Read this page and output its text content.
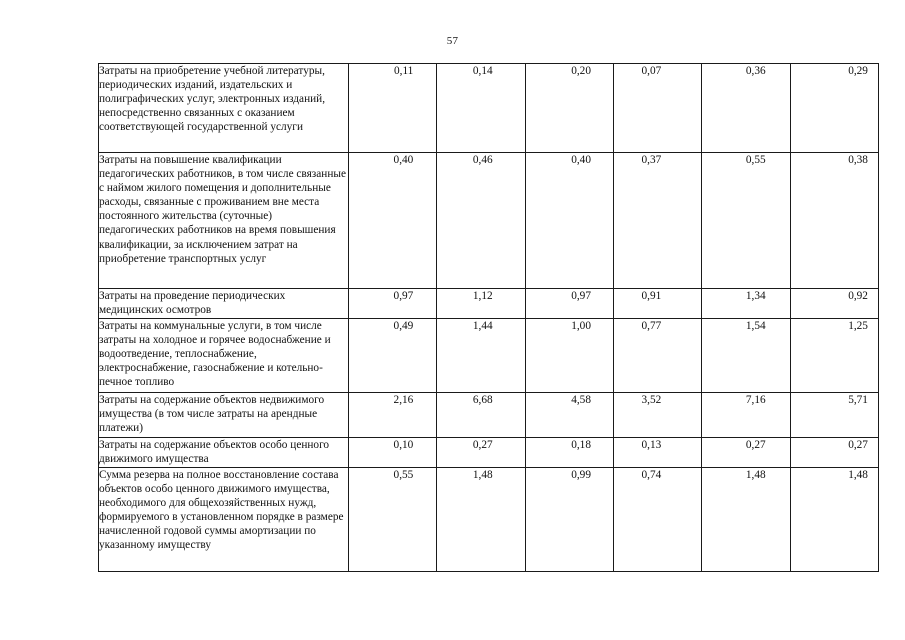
57
Затраты на приобретение учебной литературы, периодических изданий, издательских и полиграфических услуг, электронных изданий, непосредственно связанных с оказанием соответствующей государственной услуги	0,11	0,14	0,20	0,07	0,36	0,29
Затраты на повышение квалификации педагогических работников, в том числе связанные с наймом жилого помещения и дополнительные расходы, связанные с проживанием вне места постоянного жительства (суточные) педагогических работников на время повышения квалификации, за исключением затрат на приобретение транспортных услуг	0,40	0,46	0,40	0,37	0,55	0,38
Затраты на проведение периодических медицинских осмотров	0,97	1,12	0,97	0,91	1,34	0,92
Затраты на коммунальные услуги, в том числе затраты на холодное и горячее водоснабжение и водоотведение, теплоснабжение, электроснабжение, газоснабжение и котельно-печное топливо	0,49	1,44	1,00	0,77	1,54	1,25
Затраты на содержание объектов недвижимого имущества (в том числе затраты на арендные платежи)	2,16	6,68	4,58	3,52	7,16	5,71
Затраты на содержание объектов особо ценного движимого имущества	0,10	0,27	0,18	0,13	0,27	0,27
Сумма резерва на полное восстановление состава объектов особо ценного движимого имущества, необходимого для общехозяйственных нужд, формируемого в установленном порядке в размере начисленной годовой суммы амортизации по указанному имуществу	0,55	1,48	0,99	0,74	1,48	1,48
